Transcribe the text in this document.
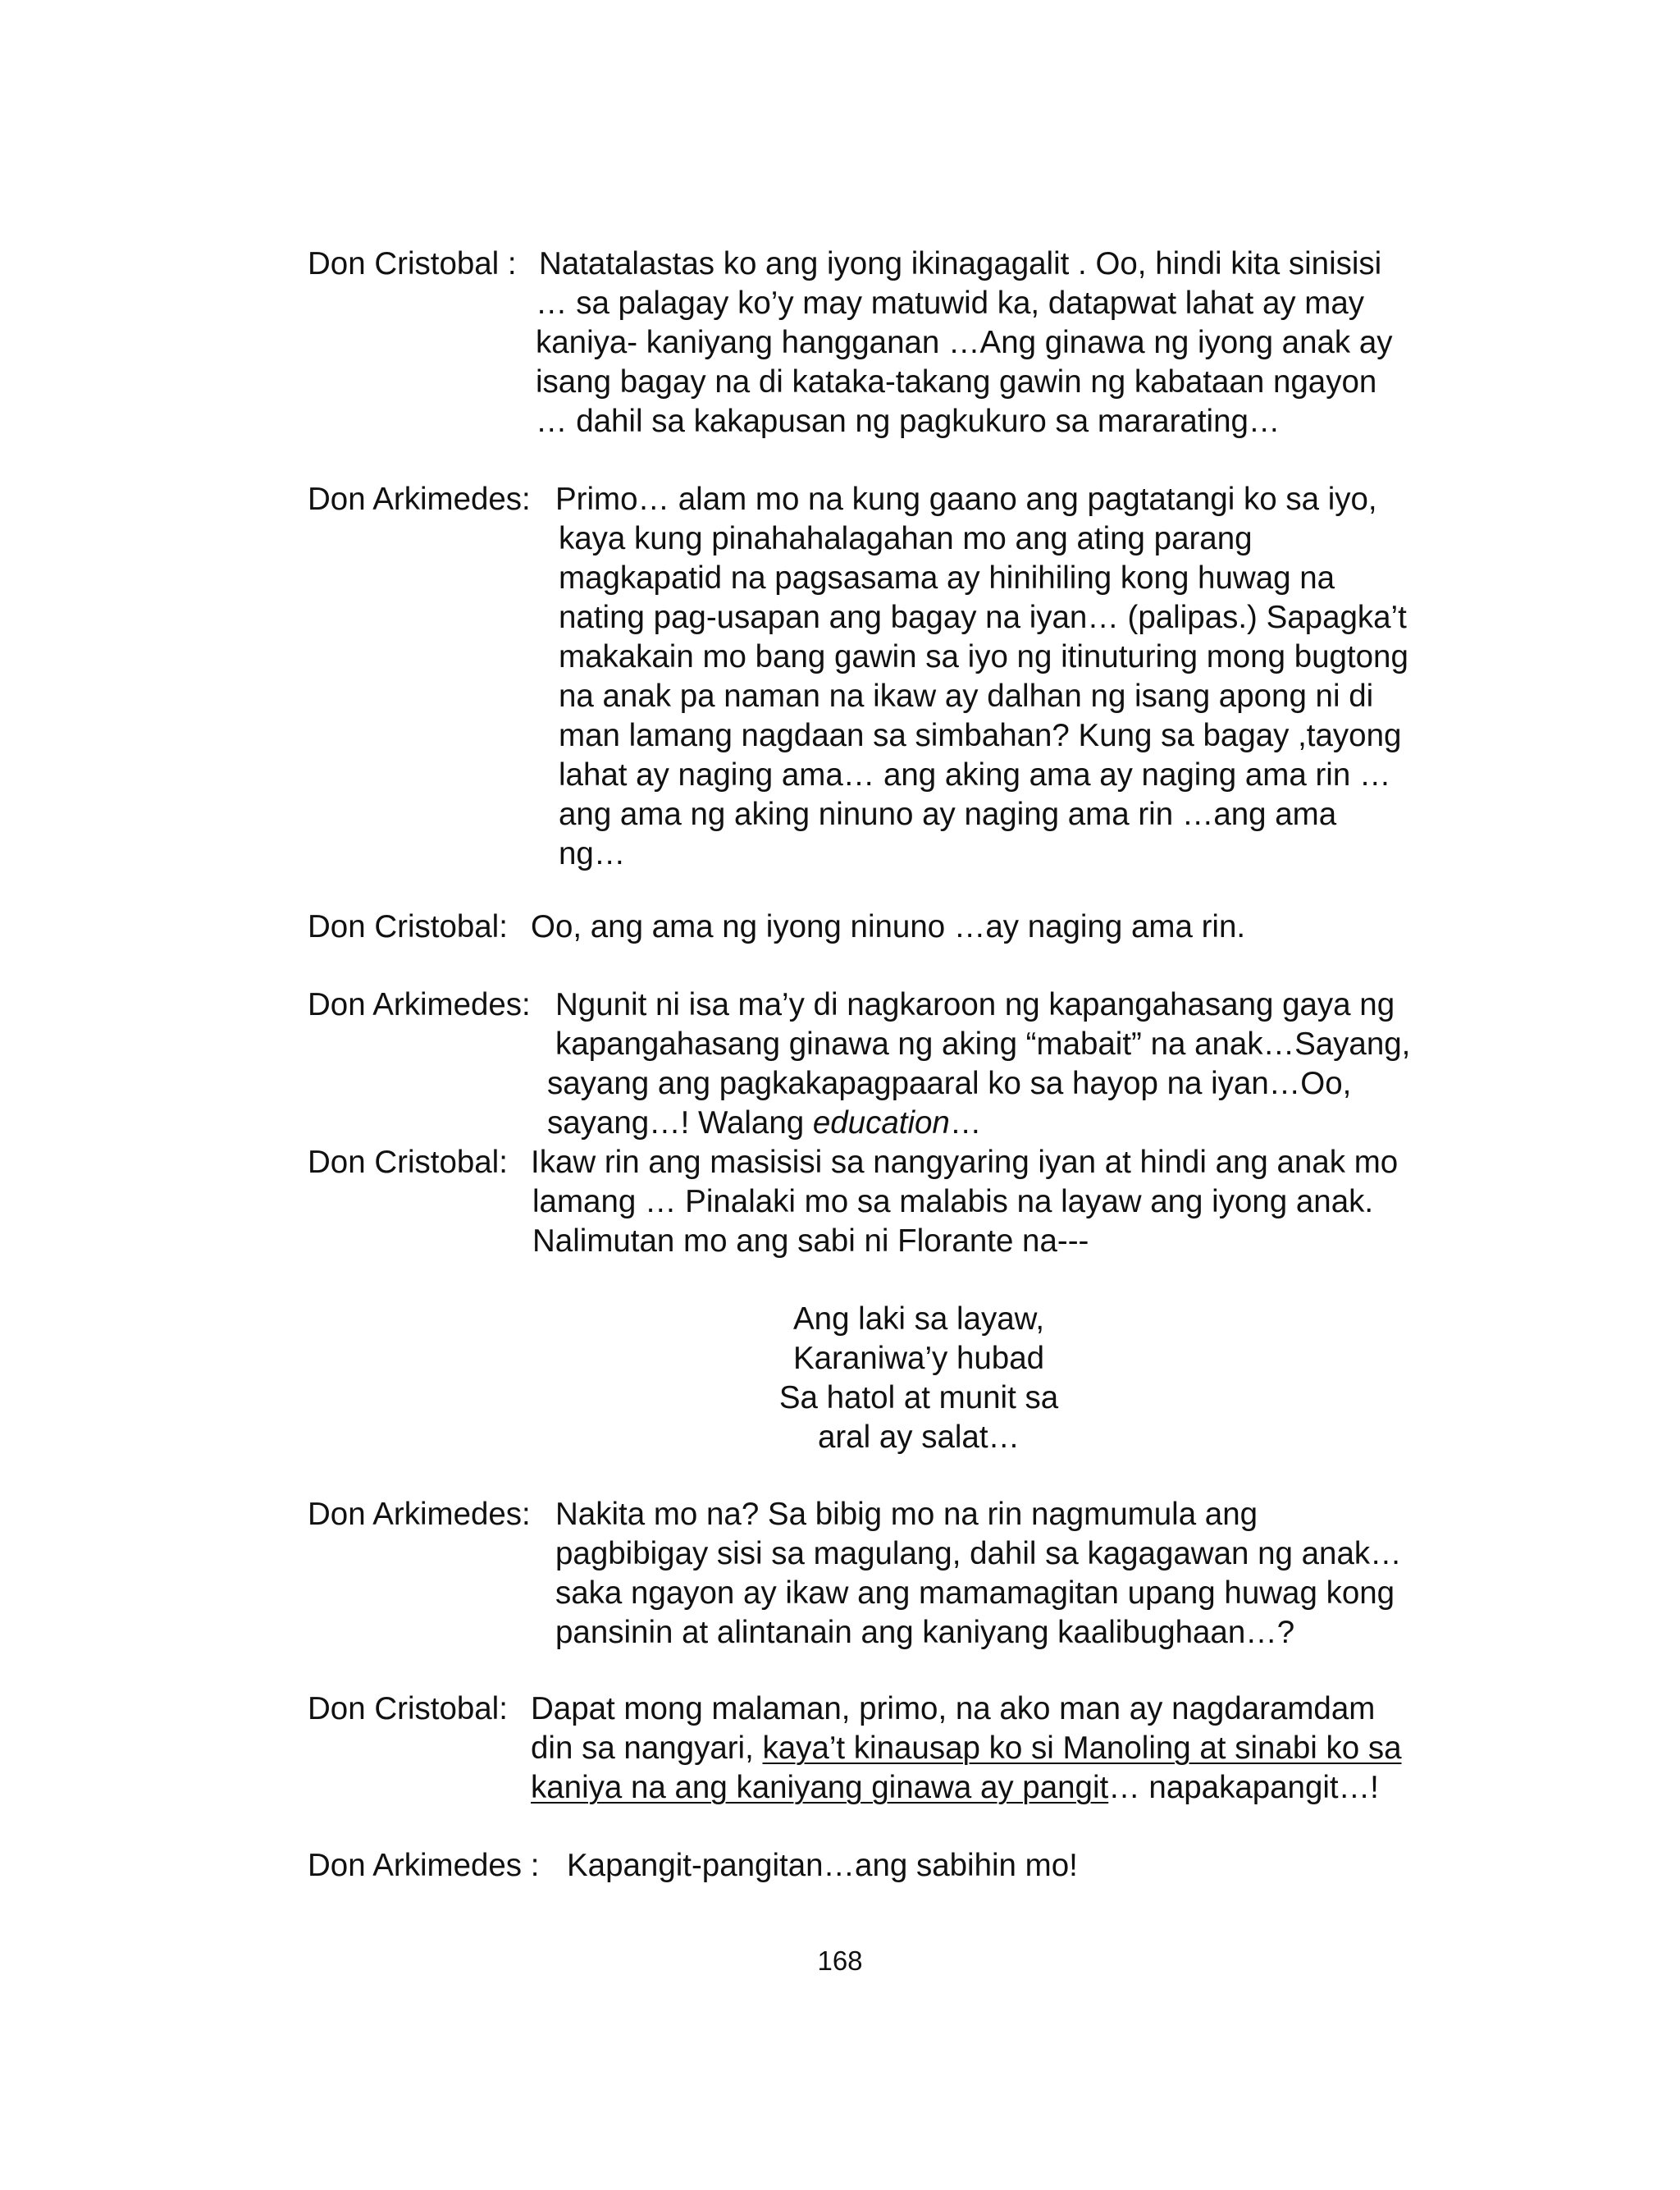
Don Cristobal : Natatalastas ko ang iyong ikinagagalit . Oo, hindi kita sinisisi
… sa palagay ko’y may matuwid ka, datapwat lahat ay may
kaniya- kaniyang hangganan …Ang ginawa ng iyong anak ay
isang bagay na di kataka-takang gawin ng kabataan ngayon
… dahil sa kakapusan ng pagkukuro sa mararating…
Don Arkimedes: Primo… alam mo na kung gaano ang pagtatangi ko sa iyo,
kaya kung pinahahalagahan mo ang ating parang
magkapatid na pagsasama ay hinihiling kong huwag na
nating pag-usapan ang bagay na iyan… (palipas.) Sapagka’t
makakain mo bang gawin sa iyo ng itinuturing mong bugtong
na anak pa naman na ikaw ay dalhan ng isang apong ni di
man lamang nagdaan sa simbahan? Kung sa bagay ,tayong
lahat ay naging ama… ang aking ama ay naging ama rin …
ang ama ng aking ninuno ay naging ama rin …ang ama
ng…
Don Cristobal: Oo, ang ama ng iyong ninuno …ay naging ama rin.
Don Arkimedes: Ngunit ni isa ma’y di nagkaroon ng kapangahasang gaya ng
kapangahasang ginawa ng aking “mabait” na anak…Sayang,
sayang ang pagkakapagpaaral ko sa hayop na iyan…Oo,
sayang…! Walang education…
Don Cristobal: Ikaw rin ang masisisi sa nangyaring iyan at hindi ang anak mo
lamang … Pinalaki mo sa malabis na layaw ang iyong anak.
Nalimutan mo ang sabi ni Florante na---
Ang laki sa layaw,
Karaniwa’y hubad
Sa hatol at munit sa
aral ay salat…
Don Arkimedes: Nakita mo na? Sa bibig mo na rin nagmumula ang
pagbibigay sisi sa magulang, dahil sa kagagawan ng anak…
saka ngayon ay ikaw ang mamamagitan upang huwag kong
pansinin at alintanain ang kaniyang kaalibughaan…?
Don Cristobal: Dapat mong malaman, primo, na ako man ay nagdaramdam
din sa nangyari, kaya’t kinausap ko si Manoling at sinabi ko sa
kaniya na ang kaniyang ginawa ay pangit… napakapangit…!
Don Arkimedes : Kapangit-pangitan…ang sabihin mo!
168
